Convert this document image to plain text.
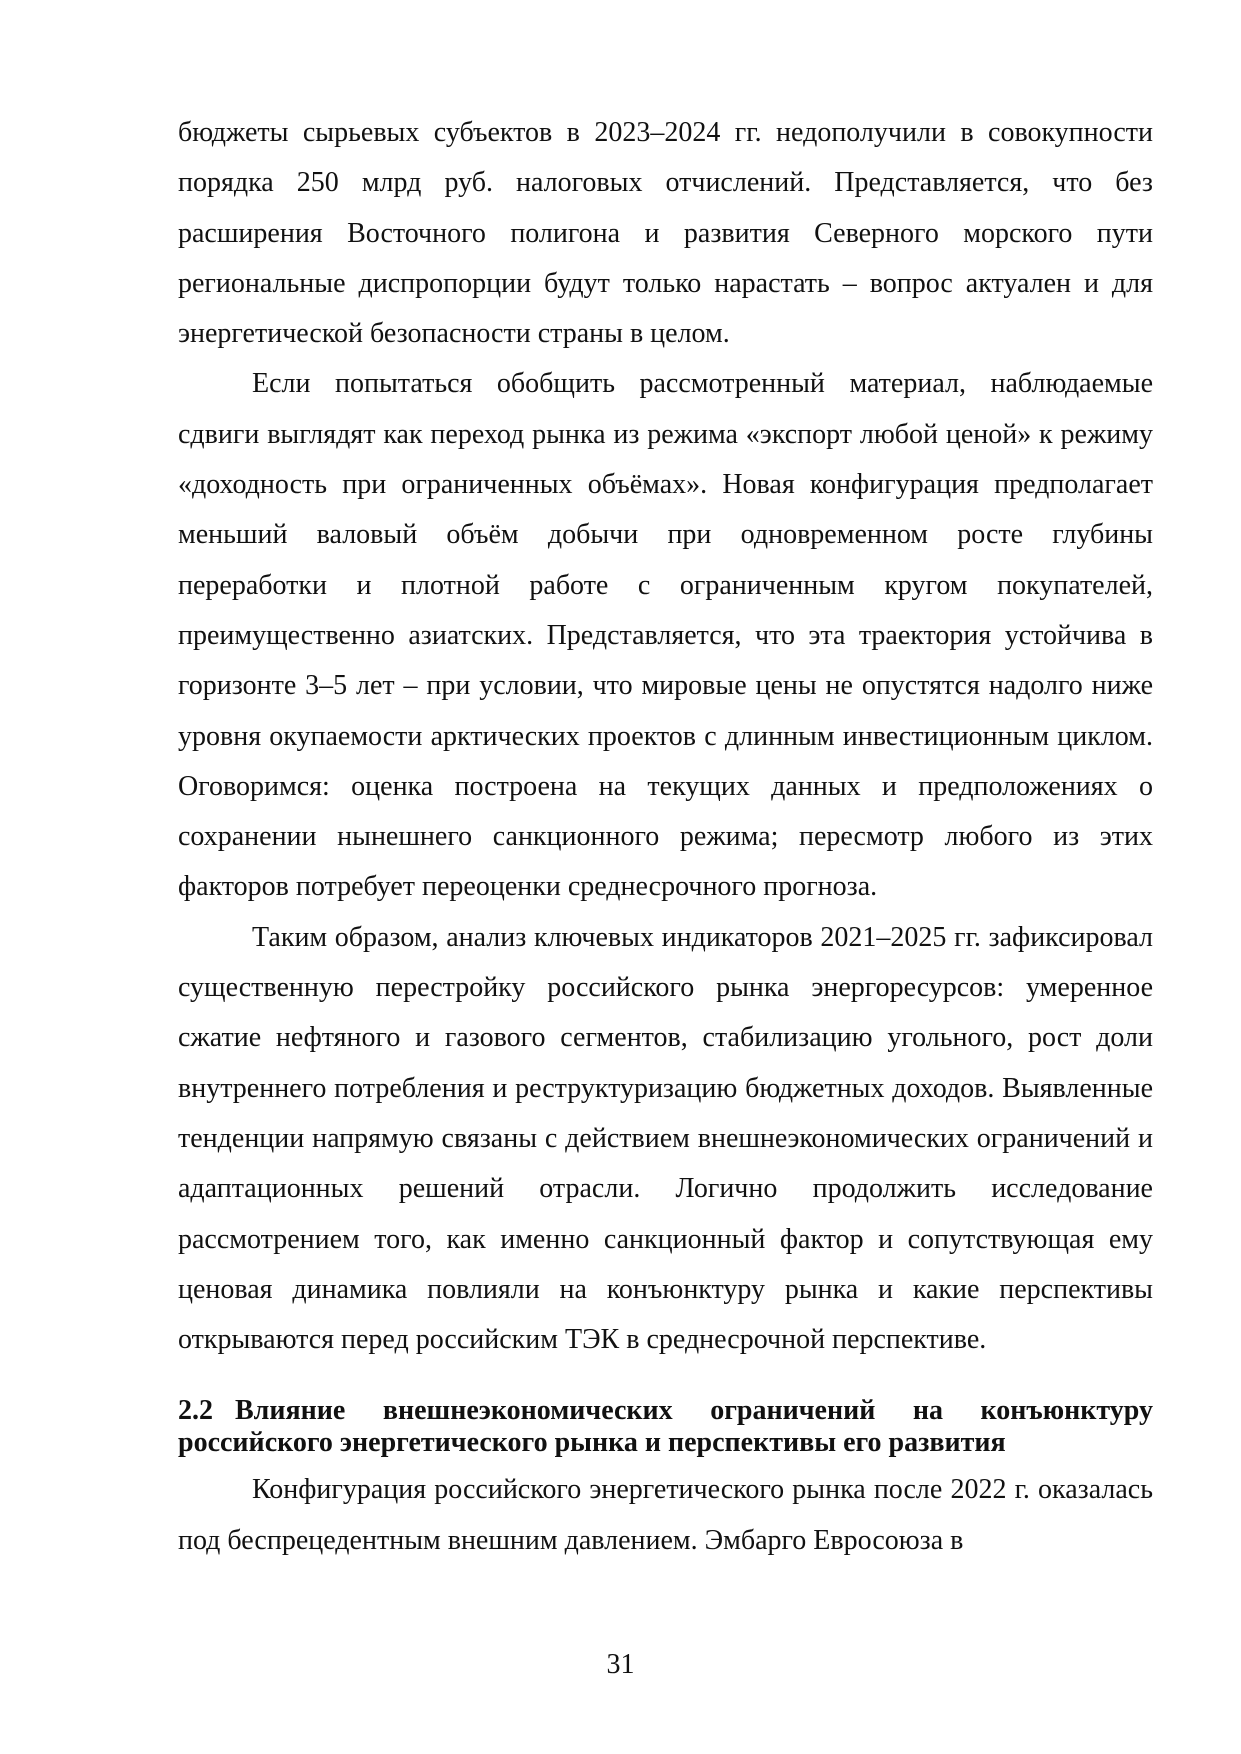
бюджеты сырьевых субъектов в 2023–2024 гг. недополучили в совокупности порядка 250 млрд руб. налоговых отчислений. Представляется, что без расширения Восточного полигона и развития Северного морского пути региональные диспропорции будут только нарастать – вопрос актуален и для энергетической безопасности страны в целом.

Если попытаться обобщить рассмотренный материал, наблюдаемые сдвиги выглядят как переход рынка из режима «экспорт любой ценой» к режиму «доходность при ограниченных объёмах». Новая конфигурация предполагает меньший валовый объём добычи при одновременном росте глубины переработки и плотной работе с ограниченным кругом покупателей, преимущественно азиатских. Представляется, что эта траектория устойчива в горизонте 3–5 лет – при условии, что мировые цены не опустятся надолго ниже уровня окупаемости арктических проектов с длинным инвестиционным циклом. Оговоримся: оценка построена на текущих данных и предположениях о сохранении нынешнего санкционного режима; пересмотр любого из этих факторов потребует переоценки среднесрочного прогноза.

Таким образом, анализ ключевых индикаторов 2021–2025 гг. зафиксировал существенную перестройку российского рынка энергоресурсов: умеренное сжатие нефтяного и газового сегментов, стабилизацию угольного, рост доли внутреннего потребления и реструктуризацию бюджетных доходов. Выявленные тенденции напрямую связаны с действием внешнеэкономических ограничений и адаптационных решений отрасли. Логично продолжить исследование рассмотрением того, как именно санкционный фактор и сопутствующая ему ценовая динамика повлияли на конъюнктуру рынка и какие перспективы открываются перед российским ТЭК в среднесрочной перспективе.

2.2 Влияние внешнеэкономических ограничений на конъюнктуру российского энергетического рынка и перспективы его развития

Конфигурация российского энергетического рынка после 2022 г. оказалась под беспрецедентным внешним давлением. Эмбарго Евросоюза в

31
